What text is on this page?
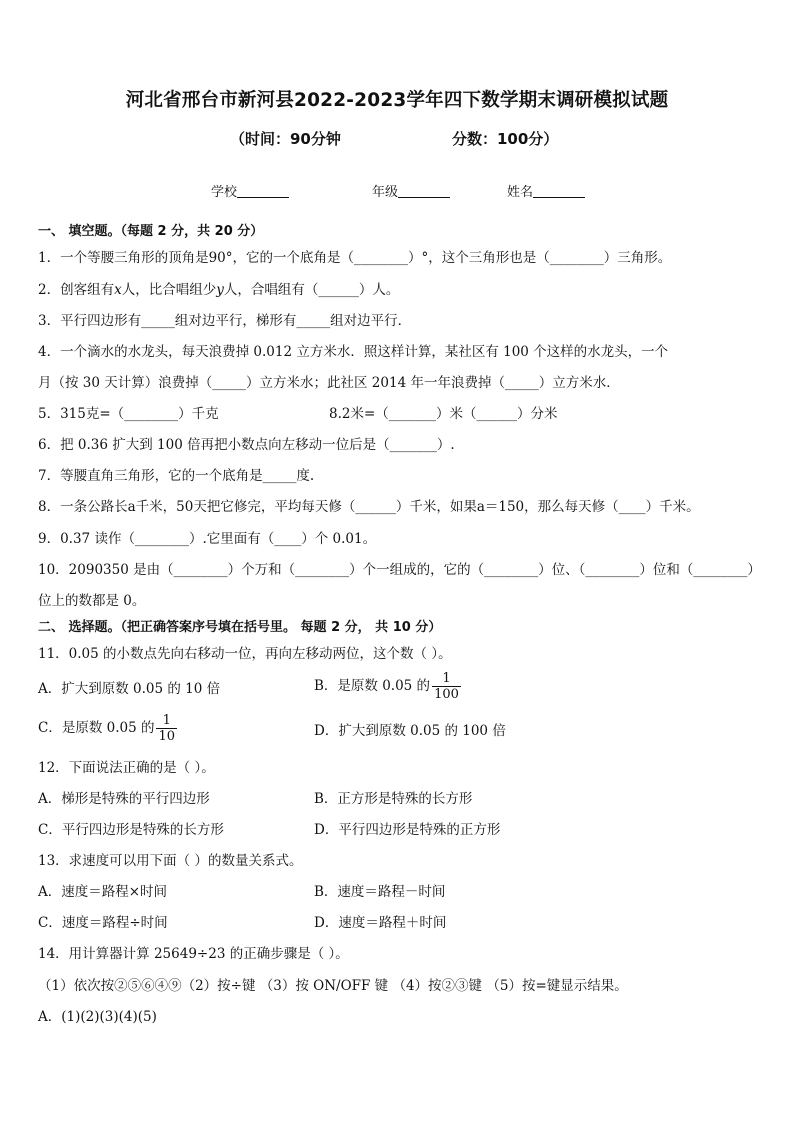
河北省邢台市新河县2022-2023学年四下数学期末调研模拟试题
（时间：90分钟	分数：100分）
学校	年级	姓名
一、 填空题。（每题 2 分，共 20 分）
1．一个等腰三角形的顶角是90°，它的一个底角是（________）°，这个三角形也是（________）三角形。
2．创客组有𝑥人，比合唱组少𝑦人，合唱组有（______）人。
3．平行四边形有_____组对边平行，梯形有_____组对边平行．
4．一个滴水的水龙头，每天浪费掉 0.012 立方米水．照这样计算，某社区有 100 个这样的水龙头，一个
月（按 30 天计算）浪费掉（_____）立方米水；此社区 2014 年一年浪费掉（_____）立方米水．
5．315克=（________）千克	8.2米=（_______）米（______）分米
6．把 0.36 扩大到 100 倍再把小数点向左移动一位后是（_______）.
7．等腰直角三角形，它的一个底角是_____度.
8．一条公路长a千米，50天把它修完，平均每天修（______）千米，如果a＝150，那么每天修（____）千米。
9．0.37 读作（________）.它里面有（____）个 0.01。
10．2090350 是由（________）个万和（________）个一组成的，它的（________）位、（________）位和（________）
位上的数都是 0。
二、 选择题。（把正确答案序号填在括号里。 每题 2 分， 共 10 分）
11．0.05 的小数点先向右移动一位，再向左移动两位，这个数（ ）。
A．扩大到原数 0.05 的 10 倍	B．是原数 0.05 的 $\frac{1}{100}$
C．是原数 0.05 的 $\frac{1}{10}$	D．扩大到原数 0.05 的 100 倍
12．下面说法正确的是（ ）。
A．梯形是特殊的平行四边形	B．正方形是特殊的长方形
C．平行四边形是特殊的长方形	D．平行四边形是特殊的正方形
13．求速度可以用下面（ ）的数量关系式。
A．速度＝路程×时间	B．速度＝路程－时间
C．速度＝路程÷时间	D．速度＝路程＋时间
14．用计算器计算 25649÷23 的正确步骤是（ ）。
（1）依次按②⑤⑥④⑨（2）按÷键 （3）按 ON/OFF 键 （4）按②③键 （5）按=键显示结果。
A．(1)(2)(3)(4)(5)
